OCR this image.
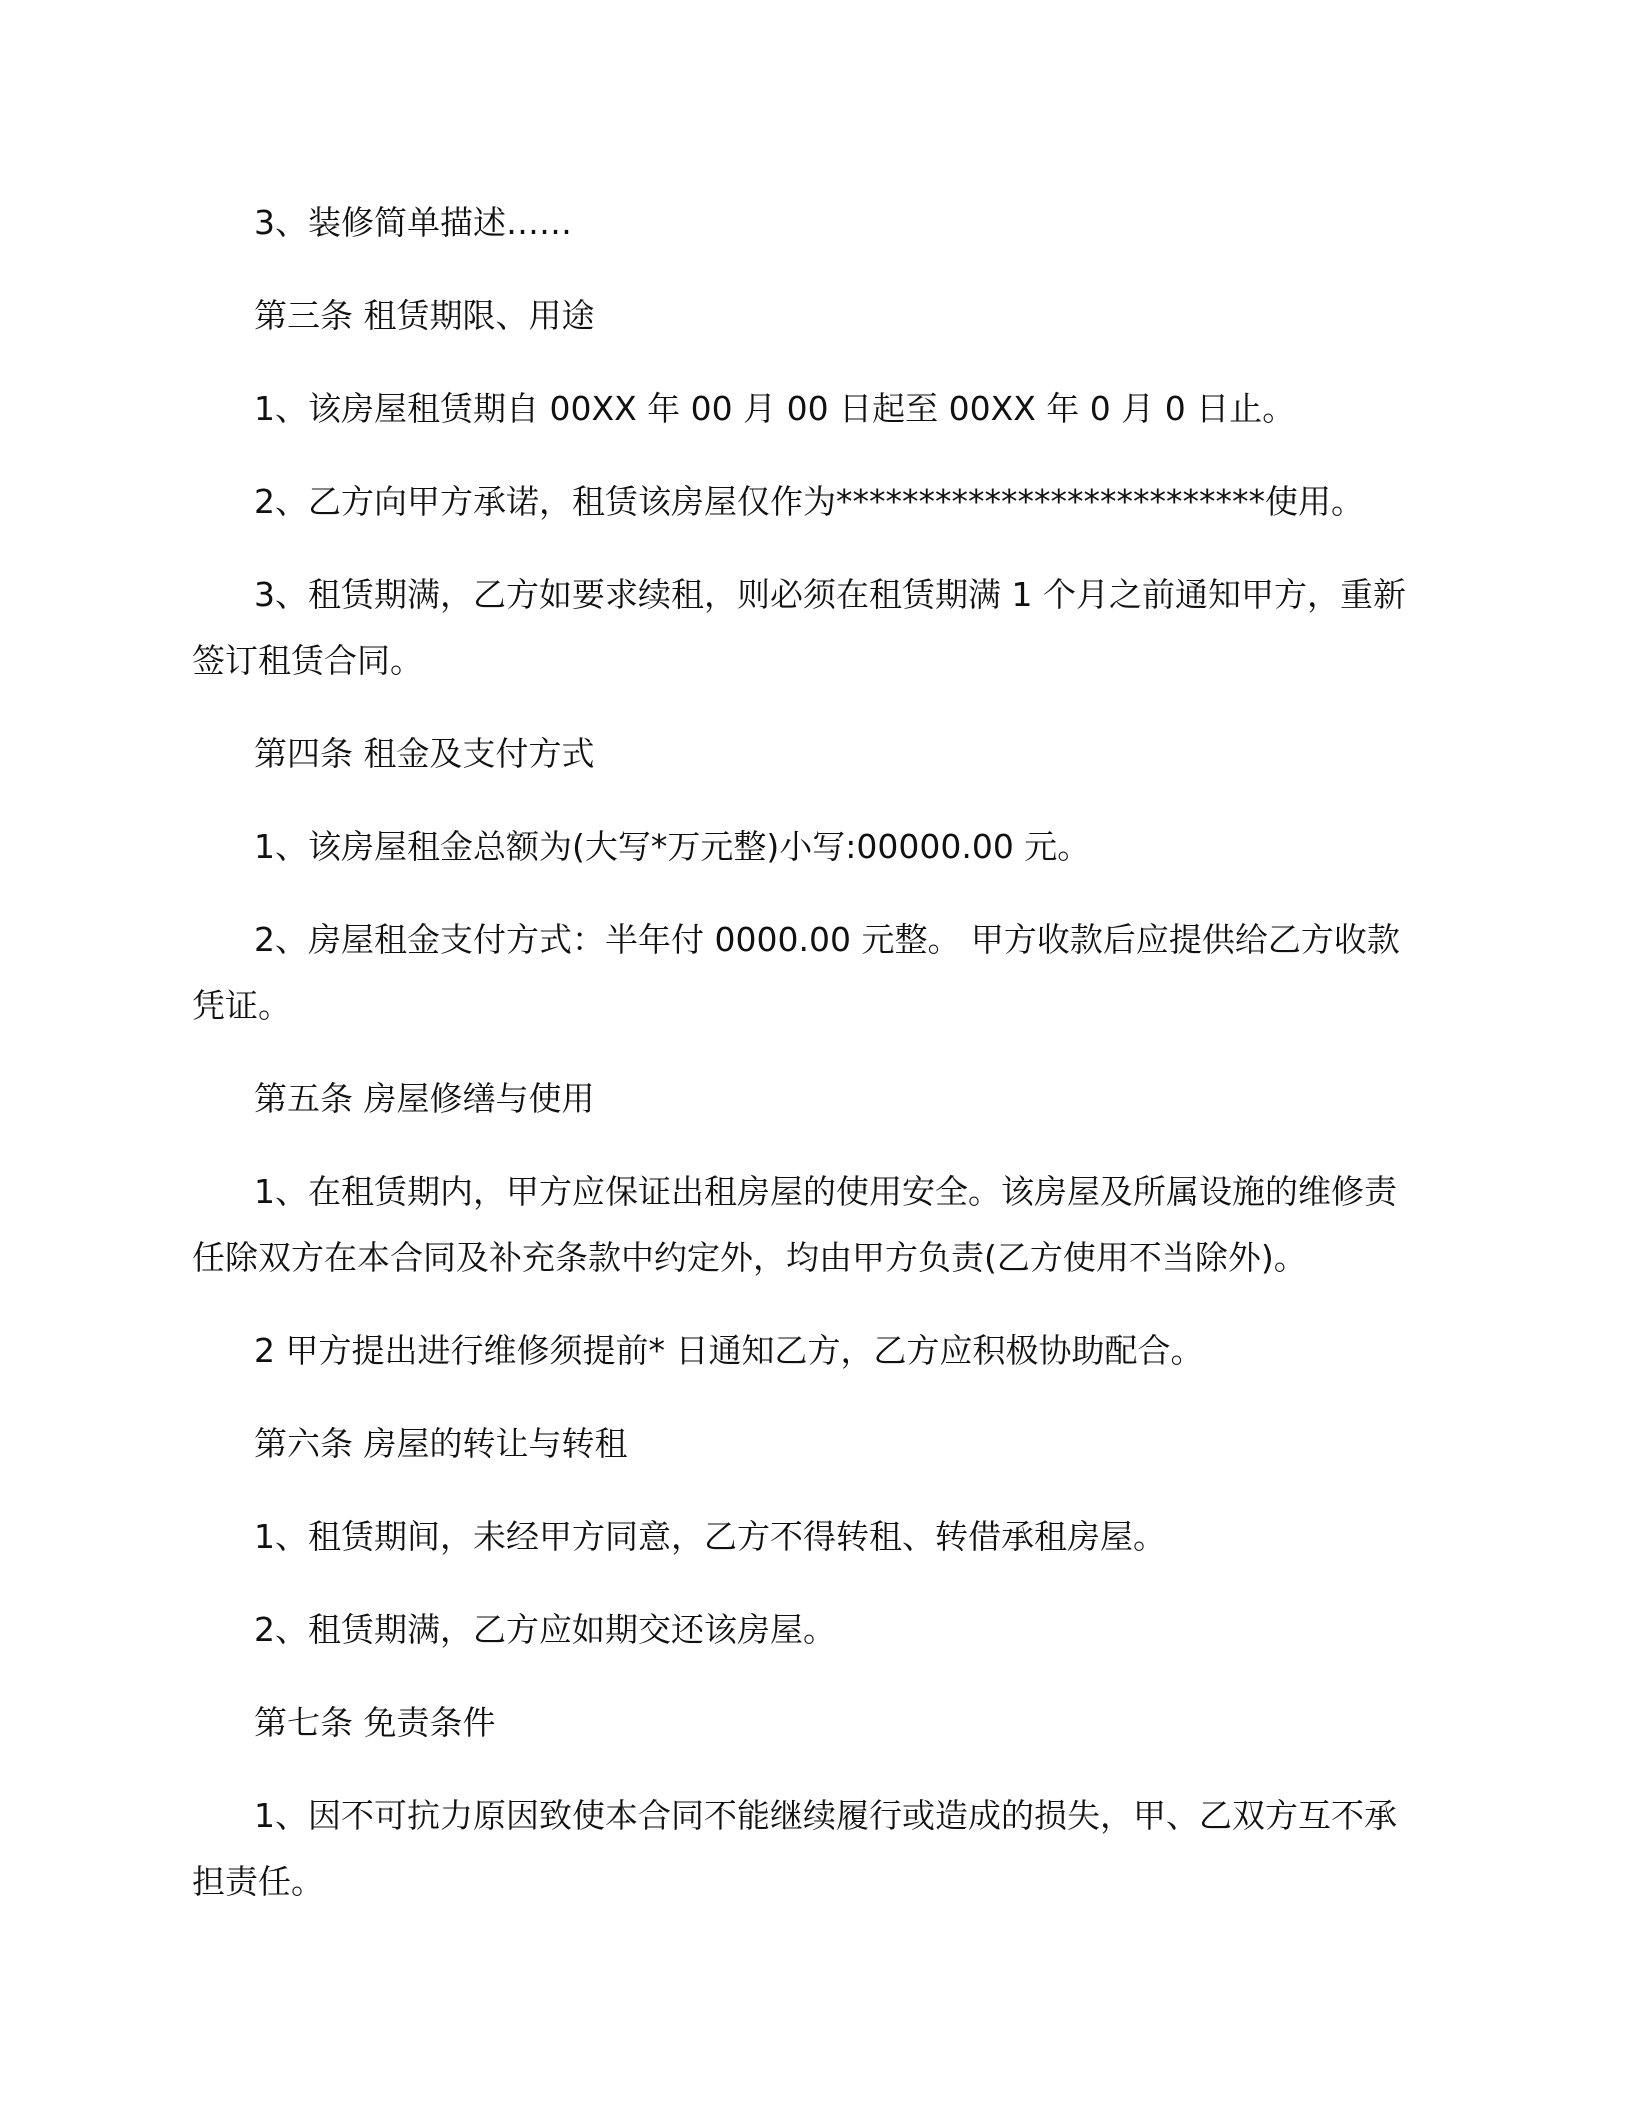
3、装修简单描述……

第三条 租赁期限、用途

1、该房屋租赁期自 00XX 年 00 月 00 日起至 00XX 年 0 月 0 日止。

2、乙方向甲方承诺，租赁该房屋仅作为**************************使用。

3、租赁期满，乙方如要求续租，则必须在租赁期满 1 个月之前通知甲方，重新签订租赁合同。

第四条 租金及支付方式

1、该房屋租金总额为(大写*万元整)小写:00000.00 元。

2、房屋租金支付方式：半年付 0000.00 元整。 甲方收款后应提供给乙方收款凭证。

第五条 房屋修缮与使用

1、在租赁期内，甲方应保证出租房屋的使用安全。该房屋及所属设施的维修责任除双方在本合同及补充条款中约定外，均由甲方负责(乙方使用不当除外)。

2 甲方提出进行维修须提前* 日通知乙方，乙方应积极协助配合。

第六条 房屋的转让与转租

1、租赁期间，未经甲方同意，乙方不得转租、转借承租房屋。

2、租赁期满，乙方应如期交还该房屋。

第七条 免责条件

1、因不可抗力原因致使本合同不能继续履行或造成的损失，甲、乙双方互不承担责任。
